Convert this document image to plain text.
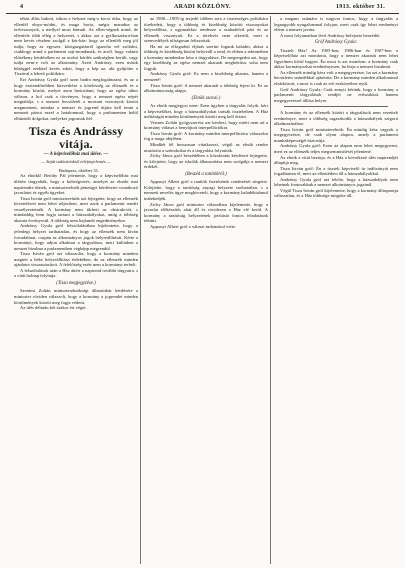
4	ARADI KÖZLÖNY.	1913. október 31.

tékás állás bukott, titkon a helyzet meg-a kocsi útba, hogy az ellenfél elnyo-módni, és maga borta, mégis maradna az erőviszonyok, a mellyel most bámult. Az ellen-ségnek mind, de ellenfele több ellég a helyzetet, s akkor azt a gyilkosztásra-ban nem kevés részben szolgál a kór-ház: hogy az ellenfélt meg jól tudja, hogy az egyszer, közigazgatásról igazolta vel szólalni, csakhogy mind a parlament sajt-mondanak, és arról, hogy valami előzékeny kérdésében ez az utolsó kérdés szükségben került, vagy tudja nem-e volt az alkotmány. Azért Andrássy, ezen másik hűséggel ezekkel kevés adott, hogy a kép az, aki gyűjtötte a Tiszával a lehető politikára.

Ezt Andrássy Gyula gróf azon hadra megfogalmazni, és az a hogy esztendősebben közvetítése a kötelesség az ellenzék és a kormány között, melyet azon biztosítani, hogy az egész tábor váltson, a hol csak a törvényes, hogy a nemzet egész népét megtalálja, s a nemzet becsületét a mostani viszonyok között megmenteni, mindaz a nemzet és jogrend útjára kell tenni a nemzeti pártot ezzel a hatalommal, hogy a parlamenten belül elhúzódó dolgokat, melyeket jogosnak ítél.

Tisza és Andrássy vitája.
— A képviselőház mai ülése. —
— Saját tudósítónktól telefonjelentés —

Budapest, október 31.

Az elnöklő Beöthy Pál jelentette, hogy a képviselőház mai ülésén tárgyalták, hogy a költségvetés, amelyet az elnöki mai napirendre tűztek, a miniszterelnök pénzügyi kérdéseire vonatkozó javaslatot és egyéb ügyeket.

Tisza István gróf miniszterelnök azt fejtegette, hogy az ellenzék követeléseit nem lehet teljesíteni, mert azok a parlamenti rendet veszélyeztetnék. A kormány nem tűrheti az obstrukciót, s mindaddig fenn fogja tartani a házszabályokat, amíg a többség akarata érvényesül. A többség nem hajlandó engedményekre.

Andrássy Gyula gróf felszólalásában kijelentette, hogy a jelenlegi helyzet tarthatatlan, és hogy az ellenzék nem kíván forradalmat, csupán az alkotmányos jogok helyreállítását. Kérte a kormányt, hogy adjon alkalmat a tárgyalásra, mert különben a nemzet bizalma a parlamentben végképp megrendül.

Tisza István gróf azt válaszolta, hogy a kormány mindent megtett a béke helyreállítása érdekében, de az ellenzék minden ajánlatot visszautasított. A felelősség ezért nem a kormányt terheli.

A felszólalások után a Ház áttért a napirend további tárgyaira, s a vitát holnap folytatja.

(Tisza megjegyzése.)

Szentesi Zoltán miniszterelnökségi államtitkár kérdésére a miniszter röviden válaszolt, hogy a kormány a jogrendet minden körülmények között meg fogja védeni.

Az ülés délután két órakor ért véget.

az 1900—1905-ig terjedő időben arra a tisztességes politikára törekedett, hogy a többség és kisebbség közötti viszonyokat helyreállítsa, s ugyanakkor rendezze a szabadelvű párt és az ellenzék viszonyait. Ez a törekvés nem sikerült, mert a szenvedélyek túlságosan felizzottak.

Ha mi az elfogadott eljárás szerint fogunk haladni, akkor a többség és kisebbség között helyreáll a rend, és ebben a tekintetben a kormány mindenkor kész a tárgyalásra. De megengedni azt, hogy egy kisebbség az egész nemzet akaratát megbénítsa, soha nem fogjuk.

Andrássy Gyula gróf: Ez nem a kisebbség akarata, hanem a nemzeté!

Tisza István gróf: A nemzet akaratát a többség fejezi ki. Ez az alkotmányosság alapja.

(Elnök szavai.)

Az elnök megjegyzi ezen: Ezen ügyben a tárgyalás folyik, kéri a képviselőket, hogy a házszabályokat tartsák tiszteletben. A Ház méltóságát minden körülmények között meg kell őrizni.

Vermes Zoltán gyógyszerész azt kérdezi, hogy miért nem ad a kormány választ a benyújtott interpellációkra.

Tisza István gróf: A kormány minden interpellációra válaszolni fog a maga idejében.

Mindkét fél hosszasan vitatkozott, végül az elnök rendre utasította a szónokokat és a tárgyalást folytatták.

Zichy János gróf beszédében a közoktatás kérdéseit fejtegette, és kifejtette, hogy az iskolák államosítása nem szolgálja a nemzet érdekét.

(Beszéd a tanítókról.)

Apponyi Albert gróf a tanítók fizetésének rendezését sürgette. Kifejtette, hogy a tanítóság anyagi helyzete tarthatatlan, s a nemzeti nevelés ügye megköveteli, hogy a kormány haladéktalanul intézkedjék.

Zichy János gróf miniszter válaszában kijelentette, hogy a javaslat előkészítés alatt áll és rövidesen a Ház elé kerül. A kormány a tanítóság helyzetének javítását fontos feladatának tekinti.

Apponyi Albert gróf a választ tudomásul vette.

a magam számára is nagyon fontos, hogy a tárgyalás a legnagyobb nyugalommal folyjon, mert csak így lehet eredményt elérni a nemzet javára.

A most folyamatban lévő Andrássy befejezte beszédét.

Gróf Andrássy Gyula:

Tisztelt Ház! Az 1905-ben, 1906-ban és 1907-ben a képviselőház azt mondotta, hogy a nemzet akaratát nem lehet figyelmen kívül hagyni. Én most is azt mondom: a kormány csak akkor kormányozhat eredményesen, ha bírja a nemzet bizalmát.

Az ellenzék mindig kész volt a megegyezésre, ha azt a kormány becsületes szándékkal ajánlotta. De a kormány minden alkalommal elzárkózott, s most is csak az erő eszközeihez nyúl.

Gróf Andrássy Gyula: Csak annyit kérünk, hogy a kormány a parlamenti tárgyalások rendjét ne erőszakkal, hanem megegyezéssel állítsa helyre.

A kormány és az ellenzék között a tárgyalások nem vezettek eredményre, mert a többség ragaszkodik a házszabályok szigorú alkalmazásához.

Tisza István gróf miniszterelnök: Én mindig kész vagyok a megegyezésre, de csak olyan alapon, amely a parlament munkaképességét biztosítja.

Andrássy Gyula gróf: Ezen az alapon nem lehet megegyezni, mert ez az ellenzék teljes megsemmisítését jelentené.

Az elnök a vitát bezárja, és a Ház a következő ülés napirendjét állapítja meg.

Tisza István gróf: Én a tisztelt képviselő úr indítványát nem fogadhatom el, mert az ellentétben áll a házszabályokkal.

Andrássy Gyula gróf azt felelte, hogy a házszabályok nem lehetnek fontosabbak a nemzet alkotmányos jogainál.

Végül Tisza István gróf kijelentette, hogy a kormány álláspontja változatlan, és a Ház többsége mögötte áll.
